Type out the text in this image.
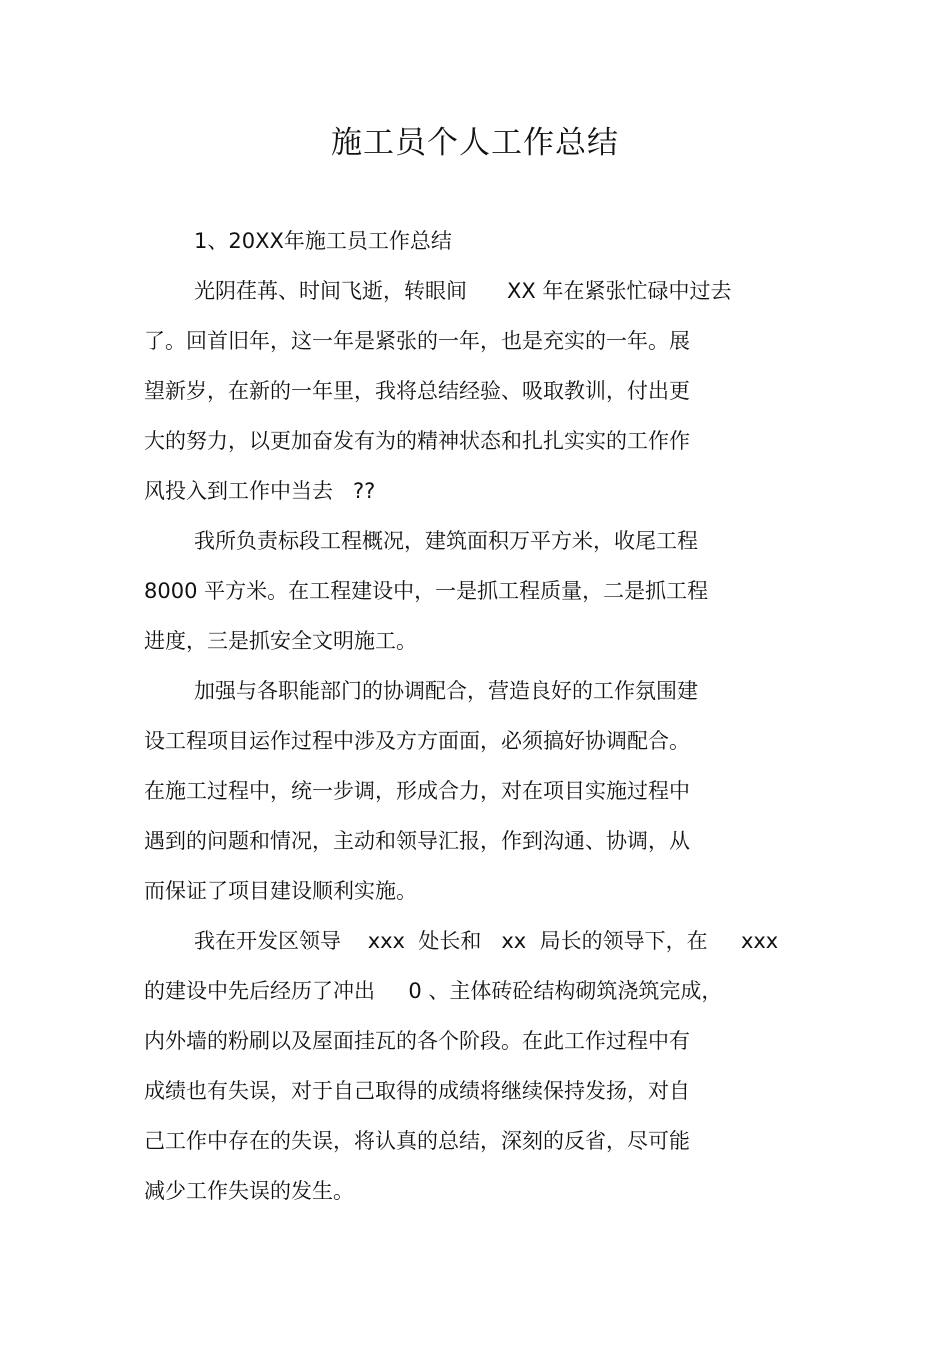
施工员个人工作总结
1、20XX年施工员工作总结
光阴荏苒、时间飞逝，转眼间      XX 年在紧张忙碌中过去
了。回首旧年，这一年是紧张的一年，也是充实的一年。展
望新岁，在新的一年里，我将总结经验、吸取教训，付出更
大的努力，以更加奋发有为的精神状态和扎扎实实的工作作
风投入到工作中当去   ??
我所负责标段工程概况，建筑面积万平方米，收尾工程
8000 平方米。在工程建设中，一是抓工程质量，二是抓工程
进度，三是抓安全文明施工。
加强与各职能部门的协调配合，营造良好的工作氛围建
设工程项目运作过程中涉及方方面面，必须搞好协调配合。
在施工过程中，统一步调，形成合力，对在项目实施过程中
遇到的问题和情况，主动和领导汇报，作到沟通、协调，从
而保证了项目建设顺利实施。
我在开发区领导    xxx  处长和   xx  局长的领导下，在     xxx
的建设中先后经历了冲出     0 、主体砖砼结构砌筑浇筑完成，
内外墙的粉刷以及屋面挂瓦的各个阶段。在此工作过程中有
成绩也有失误，对于自己取得的成绩将继续保持发扬，对自
己工作中存在的失误，将认真的总结，深刻的反省，尽可能
减少工作失误的发生。
